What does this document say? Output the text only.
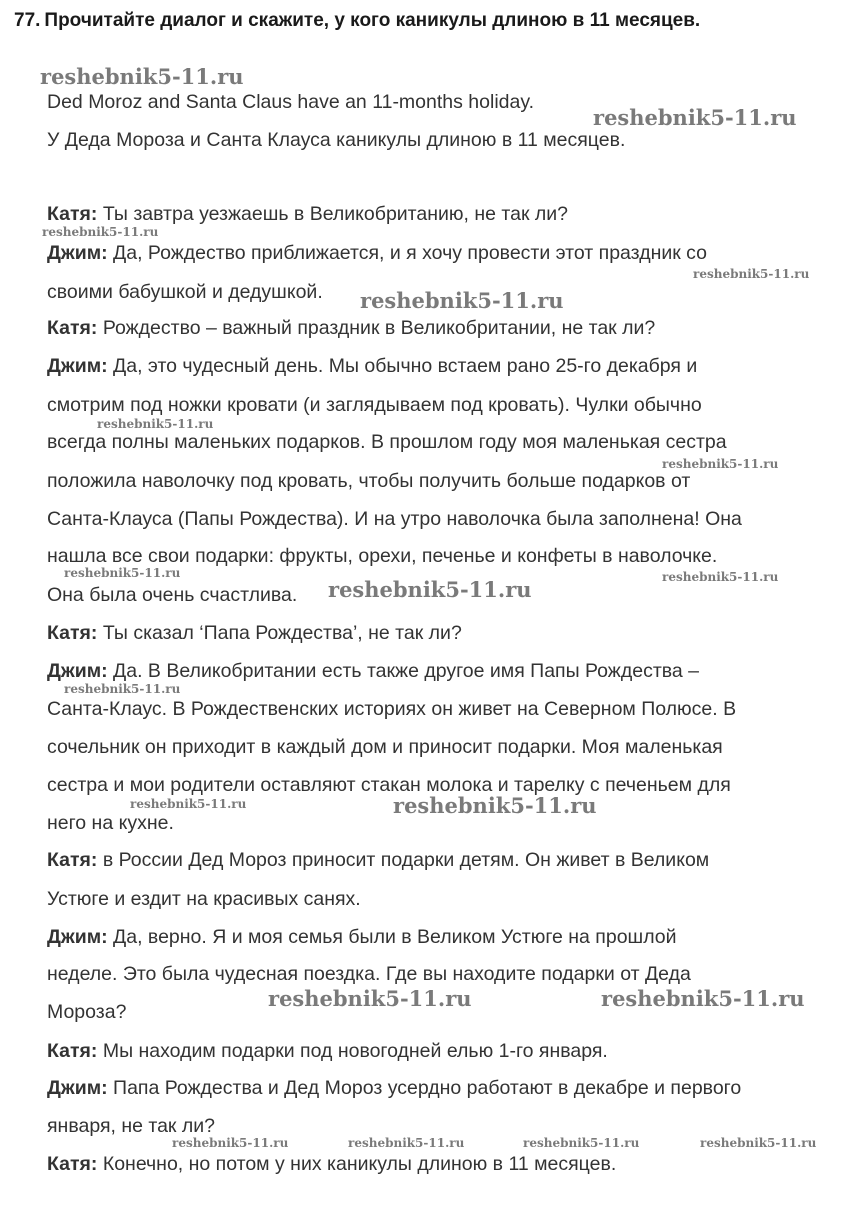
77. Прочитайте диалог и скажите, у кого каникулы длиною в 11 месяцев.
Ded Moroz and Santa Claus have an 11-months holiday.
У Деда Мороза и Санта Клауса каникулы длиною в 11 месяцев.
Катя: Ты завтра уезжаешь в Великобританию, не так ли?
Джим: Да, Рождество приближается, и я хочу провести этот праздник со
своими бабушкой и дедушкой.
Катя: Рождество – важный праздник в Великобритании, не так ли?
Джим: Да, это чудесный день. Мы обычно встаем рано 25-го декабря и
смотрим под ножки кровати (и заглядываем под кровать). Чулки обычно
всегда полны маленьких подарков. В прошлом году моя маленькая сестра
положила наволочку под кровать, чтобы получить больше подарков от
Санта-Клауса (Папы Рождества). И на утро наволочка была заполнена! Она
нашла все свои подарки: фрукты, орехи, печенье и конфеты в наволочке.
Она была очень счастлива.
Катя: Ты сказал ‘Папа Рождества’, не так ли?
Джим: Да. В Великобритании есть также другое имя Папы Рождества –
Санта-Клаус. В Рождественских историях он живет на Северном Полюсе. В
сочельник он приходит в каждый дом и приносит подарки. Моя маленькая
сестра и мои родители оставляют стакан молока и тарелку с печеньем для
него на кухне.
Катя: в России Дед Мороз приносит подарки детям. Он живет в Великом
Устюге и ездит на красивых санях.
Джим: Да, верно. Я и моя семья были в Великом Устюге на прошлой
неделе. Это была чудесная поездка. Где вы находите подарки от Деда
Мороза?
Катя: Мы находим подарки под новогодней елью 1-го января.
Джим: Папа Рождества и Дед Мороз усердно работают в декабре и первого
января, не так ли?
Катя: Конечно, но потом у них каникулы длиною в 11 месяцев.
reshebnik5-11.ru
reshebnik5-11.ru
reshebnik5-11.ru
reshebnik5-11.ru
reshebnik5-11.ru
reshebnik5-11.ru
reshebnik5-11.ru
reshebnik5-11.ru	reshebnik5-11.ru
reshebnik5-11.ru
reshebnik5-11.ru
reshebnik5-11.ru	reshebnik5-11.ru
reshebnik5-11.ru	reshebnik5-11.ru
reshebnik5-11.ru	reshebnik5-11.ru	reshebnik5-11.ru	reshebnik5-11.ru
